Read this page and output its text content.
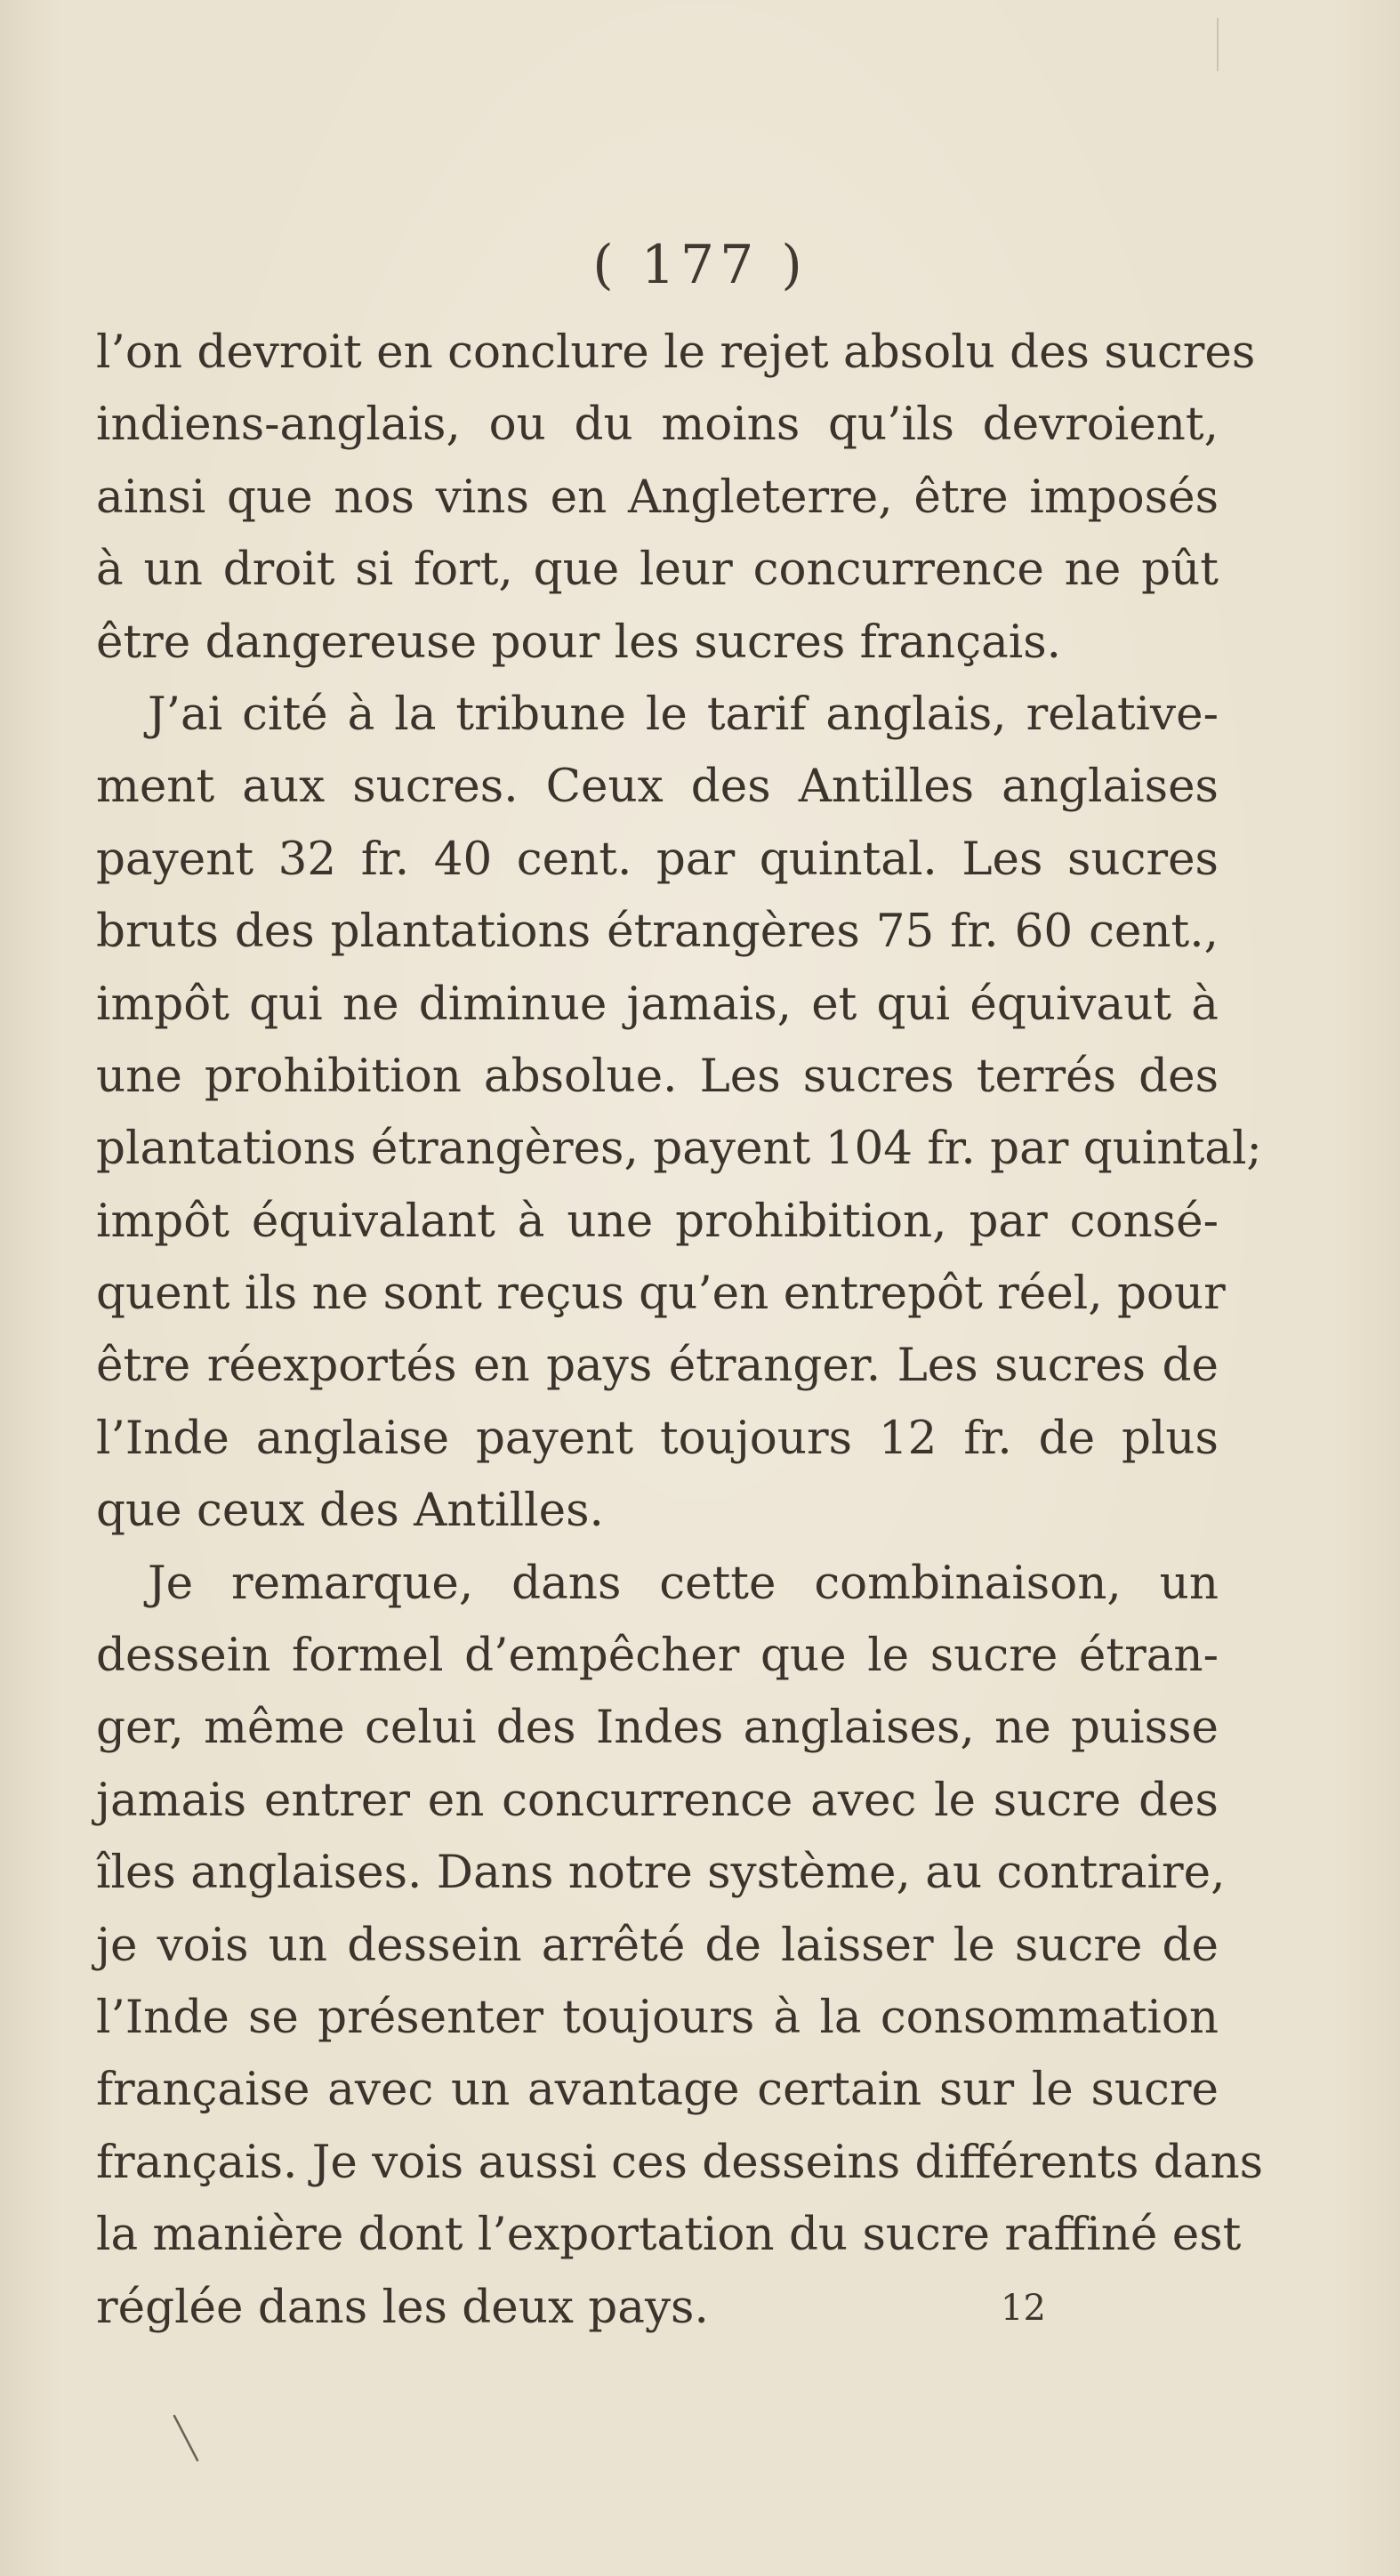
( 177 )
l’on devroit en conclure le rejet absolu des sucres
indiens-anglais, ou du moins qu’ils devroient,
ainsi que nos vins en Angleterre, être imposés
à un droit si fort, que leur concurrence ne pût
être dangereuse pour les sucres français.
J’ai cité à la tribune le tarif anglais, relative-
ment aux sucres. Ceux des Antilles anglaises
payent 32 fr. 40 cent. par quintal. Les sucres
bruts des plantations étrangères 75 fr. 60 cent.,
impôt qui ne diminue jamais, et qui équivaut à
une prohibition absolue. Les sucres terrés des
plantations étrangères, payent 104 fr. par quintal;
impôt équivalant à une prohibition, par consé-
quent ils ne sont reçus qu’en entrepôt réel, pour
être réexportés en pays étranger. Les sucres de
l’Inde anglaise payent toujours 12 fr. de plus
que ceux des Antilles.
Je remarque, dans cette combinaison, un
dessein formel d’empêcher que le sucre étran-
ger, même celui des Indes anglaises, ne puisse
jamais entrer en concurrence avec le sucre des
îles anglaises. Dans notre système, au contraire,
je vois un dessein arrêté de laisser le sucre de
l’Inde se présenter toujours à la consommation
française avec un avantage certain sur le sucre
français. Je vois aussi ces desseins différents dans
la manière dont l’exportation du sucre raffiné est
réglée dans les deux pays.	12
